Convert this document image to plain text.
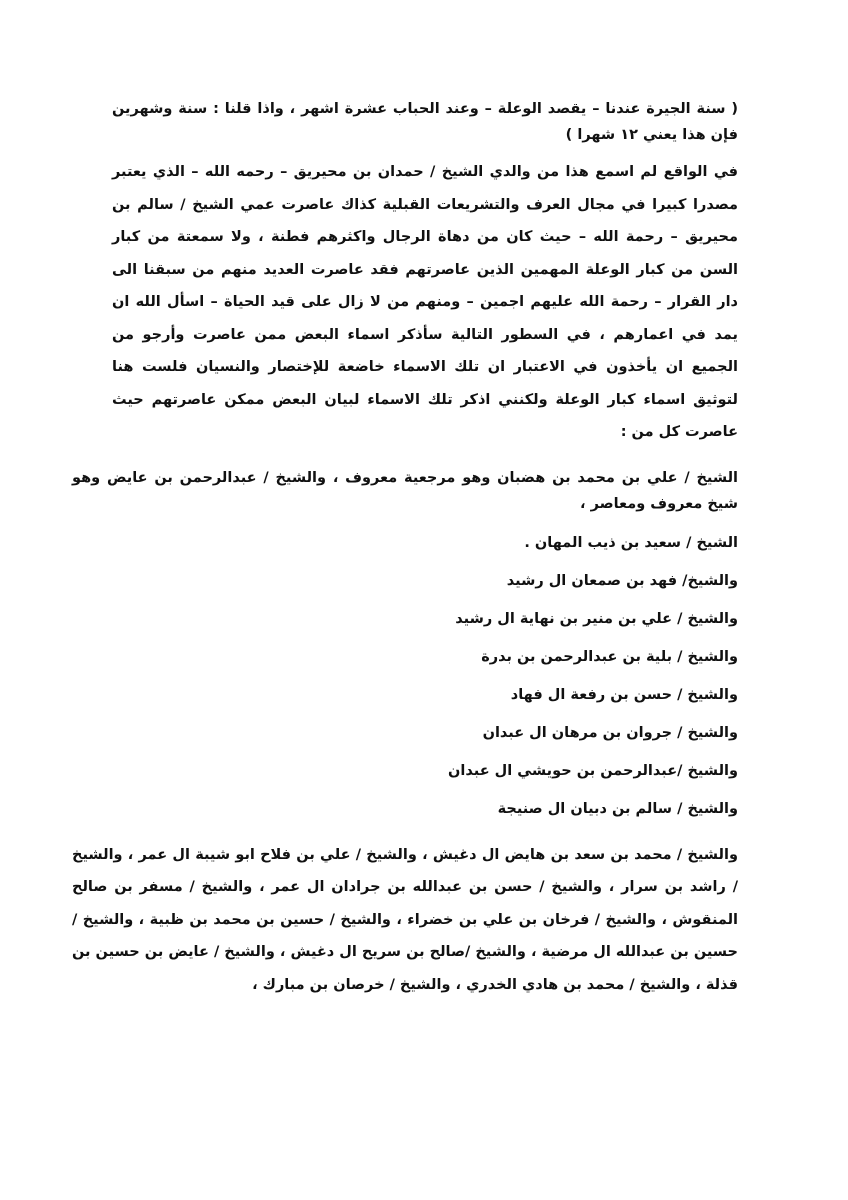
( سنة الجيرة عندنا – يقصد الوعلة – وعند الحباب عشرة اشهر ، واذا قلنا : سنة وشهرين فإن هذا يعني ١٢ شهرا )

في الواقع لم اسمع هذا من والدي الشيخ / حمدان بن محيريق – رحمه الله – الذي يعتبر مصدرا كبيرا في مجال العرف والتشريعات القبلية كذاك عاصرت عمي الشيخ / سالم بن محيريق – رحمة الله – حيث كان من دهاة الرجال واكثرهم فطنة ، ولا سمعتة من كبار السن من كبار الوعلة المهمين الذين عاصرتهم فقد عاصرت العديد منهم من سبقنا الى دار القرار – رحمة الله عليهم اجمين – ومنهم من لا زال على قيد الحياة – اسأل الله ان يمد في اعمارهم ، في السطور التالية سأذكر اسماء البعض ممن عاصرت وأرجو من الجميع ان يأخذون في الاعتبار ان تلك الاسماء خاضعة للإختصار والنسيان فلست هنا لتوثيق اسماء كبار الوعلة ولكنني اذكر تلك الاسماء لبيان البعض ممكن عاصرتهم حيث عاصرت كل من :

الشيخ / علي بن محمد بن هضبان وهو مرجعية معروف ، والشيخ / عبدالرحمن بن عايض وهو شيخ معروف ومعاصر ،

الشيخ / سعيد بن ذيب المهان .
والشيخ/ فهد بن صمعان ال رشيد
والشيخ / علي بن منير بن نهاية ال رشيد
والشيخ / بلية بن عبدالرحمن بن بدرة
والشيخ / حسن بن رفعة ال فهاد
والشيخ / جروان بن مرهان ال عبدان
والشيخ /عبدالرحمن بن حويشي ال عبدان
والشيخ / سالم بن دبيان ال صنيجة

والشيخ / محمد بن سعد بن هايض ال دغيش ، والشيخ / علي بن فلاح ابو شيبة ال عمر ، والشيخ / راشد بن سرار ، والشيخ / حسن بن عبدالله بن جرادان ال عمر ، والشيخ / مسفر بن صالح المنقوش ، والشيخ / فرخان بن علي بن خضراء ، والشيخ / حسين بن محمد بن ظبية ، والشيخ / حسين بن عبدالله ال مرضية ، والشيخ /صالح بن سريح ال دغيش ، والشيخ / عايض بن حسين بن قذلة ، والشيخ / محمد بن هادي الخدري ، والشيخ / خرصان بن مبارك ،
